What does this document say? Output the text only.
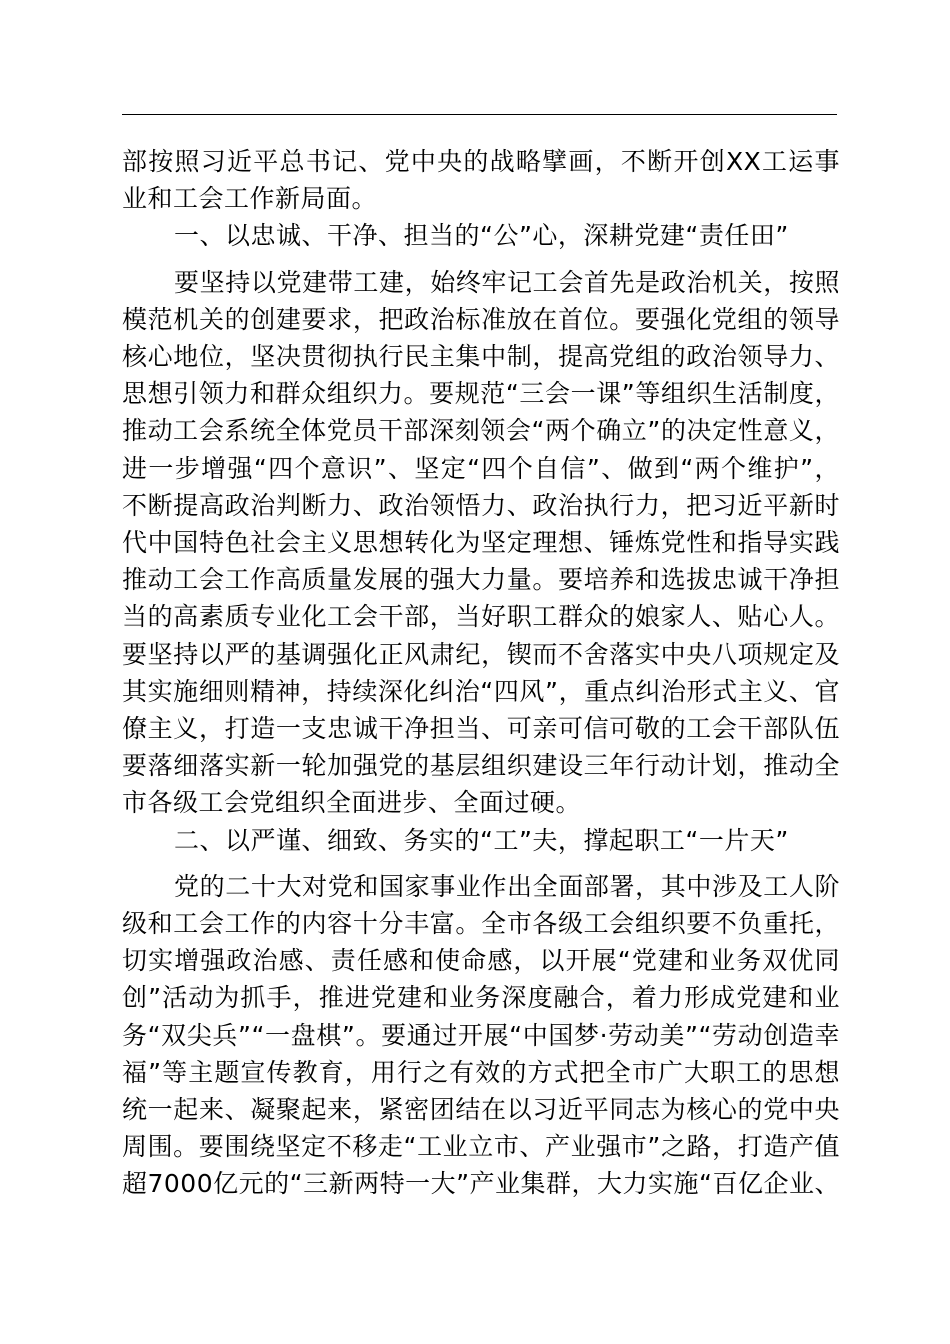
部按照习近平总书记、党中央的战略擘画，不断开创XX工运事业和工会工作新局面。

一、以忠诚、干净、担当的“公”心，深耕党建“责任田”

要坚持以党建带工建，始终牢记工会首先是政治机关，按照模范机关的创建要求，把政治标准放在首位。要强化党组的领导核心地位，坚决贯彻执行民主集中制，提高党组的政治领导力、思想引领力和群众组织力。要规范“三会一课”等组织生活制度，推动工会系统全体党员干部深刻领会“两个确立”的决定性意义，进一步增强“四个意识”、坚定“四个自信”、做到“两个维护”，不断提高政治判断力、政治领悟力、政治执行力，把习近平新时代中国特色社会主义思想转化为坚定理想、锤炼党性和指导实践推动工会工作高质量发展的强大力量。要培养和选拔忠诚干净担当的高素质专业化工会干部，当好职工群众的娘家人、贴心人。要坚持以严的基调强化正风肃纪，锲而不舍落实中央八项规定及其实施细则精神，持续深化纠治“四风”，重点纠治形式主义、官僚主义，打造一支忠诚干净担当、可亲可信可敬的工会干部队伍要落细落实新一轮加强党的基层组织建设三年行动计划，推动全市各级工会党组织全面进步、全面过硬。

二、以严谨、细致、务实的“工”夫，撑起职工“一片天”

党的二十大对党和国家事业作出全面部署，其中涉及工人阶级和工会工作的内容十分丰富。全市各级工会组织要不负重托，切实增强政治感、责任感和使命感，以开展“党建和业务双优同创”活动为抓手，推进党建和业务深度融合，着力形成党建和业务“双尖兵”“一盘棋”。要通过开展“中国梦·劳动美”“劳动创造幸福”等主题宣传教育，用行之有效的方式把全市广大职工的思想统一起来、凝聚起来，紧密团结在以习近平同志为核心的党中央周围。要围绕坚定不移走“工业立市、产业强市”之路，打造产值超7000亿元的“三新两特一大”产业集群，大力实施“百亿企业、
